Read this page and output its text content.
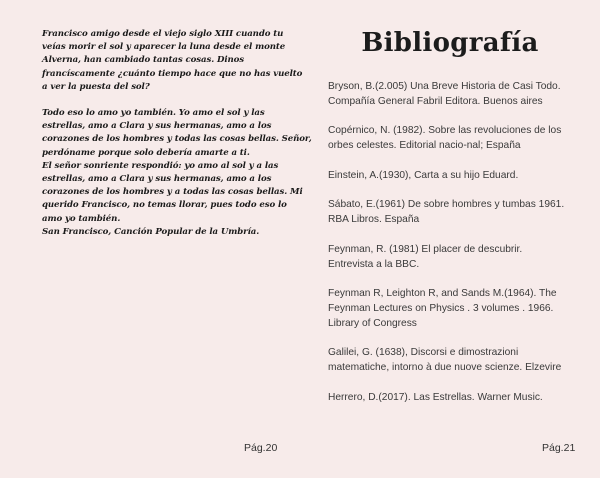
Francisco amigo desde el viejo siglo XIII cuando tu
veías morir el sol y aparecer la luna desde el monte
Alverna, han cambiado tantas cosas. Dinos
francíscamente ¿cuánto tiempo hace que no has vuelto
a ver la puesta del sol?

Todo eso lo amo yo también. Yo amo el sol y las
estrellas, amo a Clara y sus hermanas, amo a los
corazones de los hombres y todas las cosas bellas. Señor,
perdóname porque solo debería amarte a ti.
El señor sonriente respondió: yo amo al sol y a las
estrellas, amo a Clara y sus hermanas, amo a los
corazones de los hombres y a todas las cosas bellas. Mi
querido Francisco, no temas llorar, pues todo eso lo
amo yo también.
San Francisco, Canción Popular de la Umbría.

Pág.20
Bibliografía
Bryson, B.(2.005) Una Breve Historia de Casi Todo.
Compañía General Fabril Editora. Buenos aires
Copérnico, N. (1982). Sobre las revoluciones de los
orbes celestes. Editorial nacio-nal; España
Einstein, A.(1930), Carta a su hijo Eduard.
Sábato, E.(1961) De sobre hombres y tumbas 1961.
RBA Libros. España
Feynman, R. (1981) El placer de descubrir.
Entrevista a la BBC.
Feynman R, Leighton R, and Sands M.(1964). The
Feynman Lectures on Physics . 3 volumes . 1966.
Library of Congress
Galilei, G. (1638), Discorsi e dimostrazioni
matematiche, intorno à due nuove scienze. Elzevire
Herrero, D.(2017). Las Estrellas. Warner Music.
Pág.21
